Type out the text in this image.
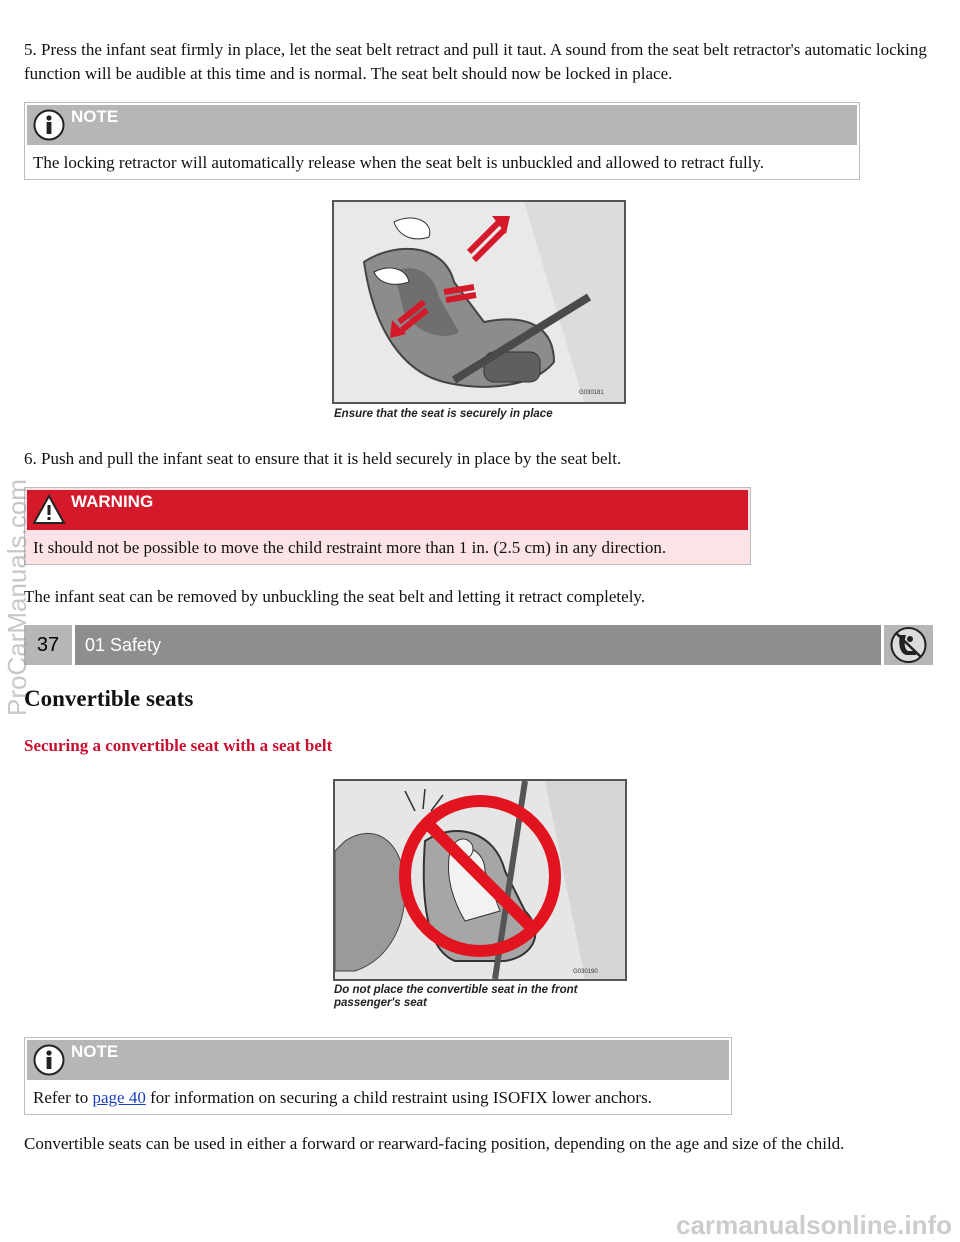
5. Press the infant seat firmly in place, let the seat belt retract and pull it taut. A sound from the seat belt retractor's automatic locking function will be audible at this time and is normal. The seat belt should now be locked in place.

NOTE
The locking retractor will automatically release when the seat belt is unbuckled and allowed to retract fully.
G030181
Ensure that the seat is securely in place

6. Push and pull the infant seat to ensure that it is held securely in place by the seat belt.

WARNING
It should not be possible to move the child restraint more than 1 in. (2.5 cm) in any direction.

The infant seat can be removed by unbuckling the seat belt and letting it retract completely.

37	01 Safety
Convertible seats
Securing a convertible seat with a seat belt
G030190
Do not place the convertible seat in the front
passenger's seat
NOTE
Refer to page 40 for information on securing a child restraint using ISOFIX lower anchors.

Convertible seats can be used in either a forward or rearward-facing position, depending on the age and size of the child.

ProCarManuals.com
carmanualsonline.info
